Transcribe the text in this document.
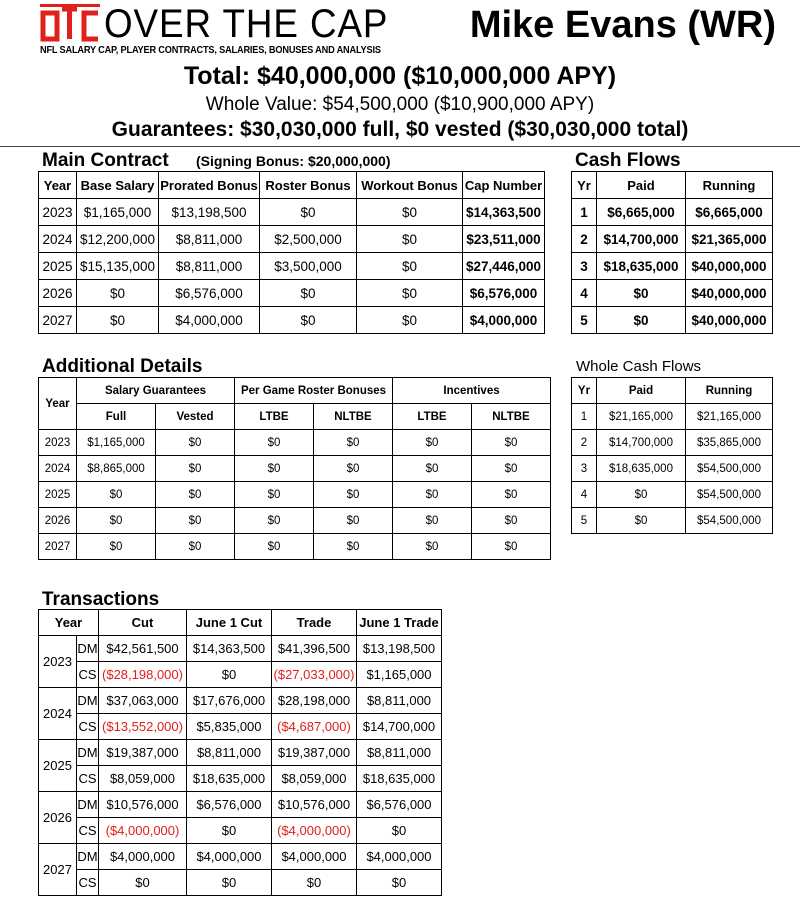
OVER THE CAP
NFL SALARY CAP, PLAYER CONTRACTS, SALARIES, BONUSES AND ANALYSIS
Mike Evans (WR)
Total: $40,000,000 ($10,000,000 APY)
Whole Value: $54,500,000 ($10,900,000 APY)
Guarantees: $30,030,000 full, $0 vested ($30,030,000 total)
Main Contract (Signing Bonus: $20,000,000)
Year	Base Salary	Prorated Bonus	Roster Bonus	Workout Bonus	Cap Number
2023	$1,165,000	$13,198,500	$0	$0	$14,363,500
2024	$12,200,000	$8,811,000	$2,500,000	$0	$23,511,000
2025	$15,135,000	$8,811,000	$3,500,000	$0	$27,446,000
2026	$0	$6,576,000	$0	$0	$6,576,000
2027	$0	$4,000,000	$0	$0	$4,000,000
Cash Flows
Yr	Paid	Running
1	$6,665,000	$6,665,000
2	$14,700,000	$21,365,000
3	$18,635,000	$40,000,000
4	$0	$40,000,000
5	$0	$40,000,000
Additional Details
Year	Salary Guarantees		Per Game Roster Bonuses		Incentives	
	Full	Vested	LTBE	NLTBE	LTBE	NLTBE
2023	$1,165,000	$0	$0	$0	$0	$0
2024	$8,865,000	$0	$0	$0	$0	$0
2025	$0	$0	$0	$0	$0	$0
2026	$0	$0	$0	$0	$0	$0
2027	$0	$0	$0	$0	$0	$0
Whole Cash Flows
Yr	Paid	Running
1	$21,165,000	$21,165,000
2	$14,700,000	$35,865,000
3	$18,635,000	$54,500,000
4	$0	$54,500,000
5	$0	$54,500,000
Transactions
Year		Cut	June 1 Cut	Trade	June 1 Trade
2023	DM	$42,561,500	$14,363,500	$41,396,500	$13,198,500
	CS	($28,198,000)	$0	($27,033,000)	$1,165,000
2024	DM	$37,063,000	$17,676,000	$28,198,000	$8,811,000
	CS	($13,552,000)	$5,835,000	($4,687,000)	$14,700,000
2025	DM	$19,387,000	$8,811,000	$19,387,000	$8,811,000
	CS	$8,059,000	$18,635,000	$8,059,000	$18,635,000
2026	DM	$10,576,000	$6,576,000	$10,576,000	$6,576,000
	CS	($4,000,000)	$0	($4,000,000)	$0
2027	DM	$4,000,000	$4,000,000	$4,000,000	$4,000,000
	CS	$0	$0	$0	$0
